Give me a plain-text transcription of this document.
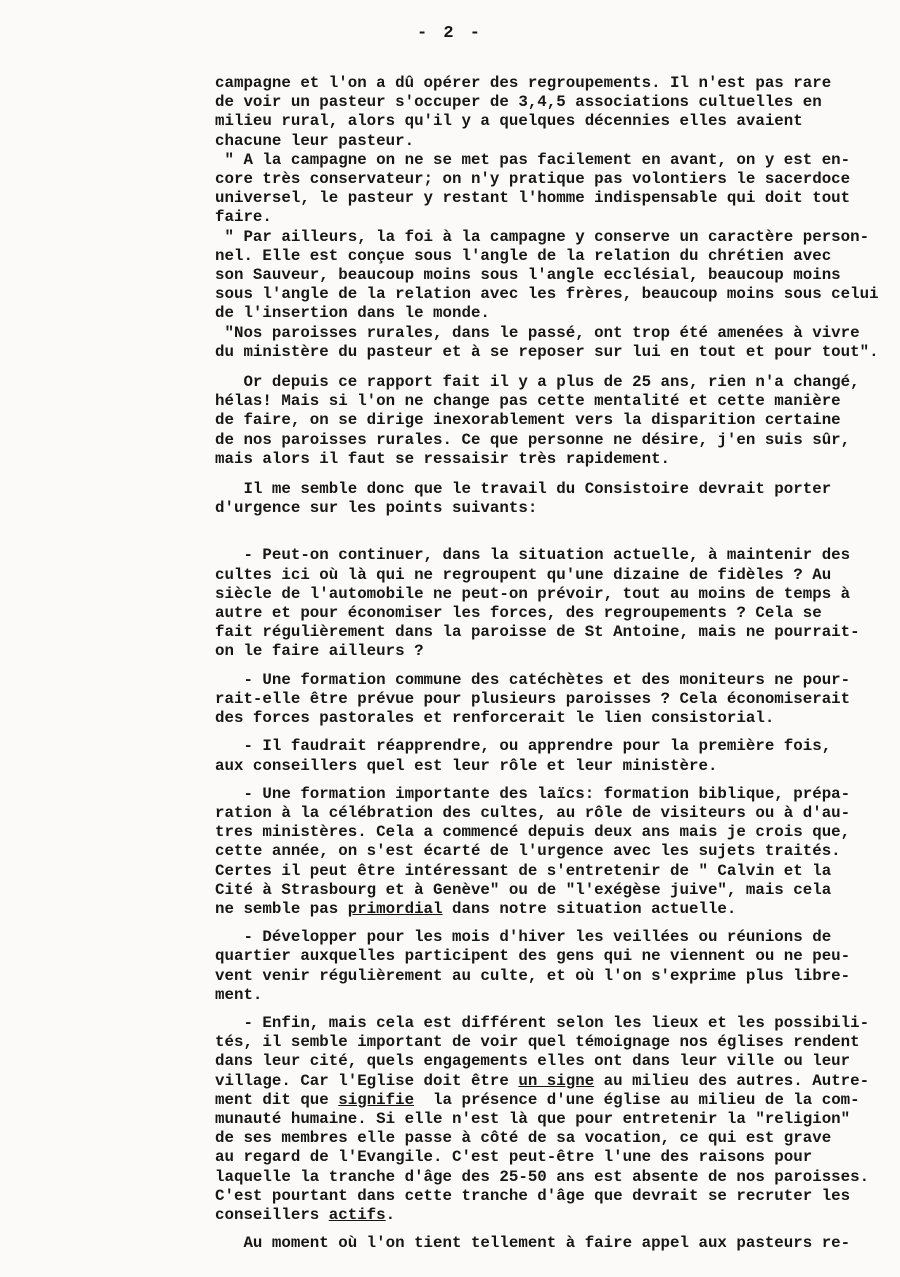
- 2 -
campagne et l'on a dû opérer des regroupements. Il n'est pas rare
de voir un pasteur s'occuper de 3,4,5 associations cultuelles en
milieu rural, alors qu'il y a quelques décennies elles avaient
chacune leur pasteur.
" A la campagne on ne se met pas facilement en avant, on y est en-
core très conservateur; on n'y pratique pas volontiers le sacerdoce
universel, le pasteur y restant l'homme indispensable qui doit tout
faire.
" Par ailleurs, la foi à la campagne y conserve un caractère person-
nel. Elle est conçue sous l'angle de la relation du chrétien avec
son Sauveur, beaucoup moins sous l'angle ecclésial, beaucoup moins
sous l'angle de la relation avec les frères, beaucoup moins sous celui
de l'insertion dans le monde.
"Nos paroisses rurales, dans le passé, ont trop été amenées à vivre
du ministère du pasteur et à se reposer sur lui en tout et pour tout".
Or depuis ce rapport fait il y a plus de 25 ans, rien n'a changé,
hélas! Mais si l'on ne change pas cette mentalité et cette manière
de faire, on se dirige inexorablement vers la disparition certaine
de nos paroisses rurales. Ce que personne ne désire, j'en suis sûr,
mais alors il faut se ressaisir très rapidement.
Il me semble donc que le travail du Consistoire devrait porter
d'urgence sur les points suivants:
- Peut-on continuer, dans la situation actuelle, à maintenir des
cultes ici où là qui ne regroupent qu'une dizaine de fidèles ? Au
siècle de l'automobile ne peut-on prévoir, tout au moins de temps à
autre et pour économiser les forces, des regroupements ? Cela se
fait régulièrement dans la paroisse de St Antoine, mais ne pourrait-
on le faire ailleurs ?
- Une formation commune des catéchètes et des moniteurs ne pour-
rait-elle être prévue pour plusieurs paroisses ? Cela économiserait
des forces pastorales et renforcerait le lien consistorial.
- Il faudrait réapprendre, ou apprendre pour la première fois,
aux conseillers quel est leur rôle et leur ministère.
- Une formation importante des laïcs: formation biblique, prépa-
ration à la célébration des cultes, au rôle de visiteurs ou à d'au-
tres ministères. Cela a commencé depuis deux ans mais je crois que,
cette année, on s'est écarté de l'urgence avec les sujets traités.
Certes il peut être intéressant de s'entretenir de " Calvin et la
Cité à Strasbourg et à Genève" ou de "l'exégèse juive", mais cela
ne semble pas primordial dans notre situation actuelle.
- Développer pour les mois d'hiver les veillées ou réunions de
quartier auxquelles participent des gens qui ne viennent ou ne peu-
vent venir régulièrement au culte, et où l'on s'exprime plus libre-
ment.
- Enfin, mais cela est différent selon les lieux et les possibili-
tés, il semble important de voir quel témoignage nos églises rendent
dans leur cité, quels engagements elles ont dans leur ville ou leur
village. Car l'Eglise doit être un signe au milieu des autres. Autre-
ment dit que signifie  la présence d'une église au milieu de la com-
munauté humaine. Si elle n'est là que pour entretenir la "religion"
de ses membres elle passe à côté de sa vocation, ce qui est grave
au regard de l'Evangile. C'est peut-être l'une des raisons pour
laquelle la tranche d'âge des 25-50 ans est absente de nos paroisses.
C'est pourtant dans cette tranche d'âge que devrait se recruter les
conseillers actifs.
Au moment où l'on tient tellement à faire appel aux pasteurs re-
